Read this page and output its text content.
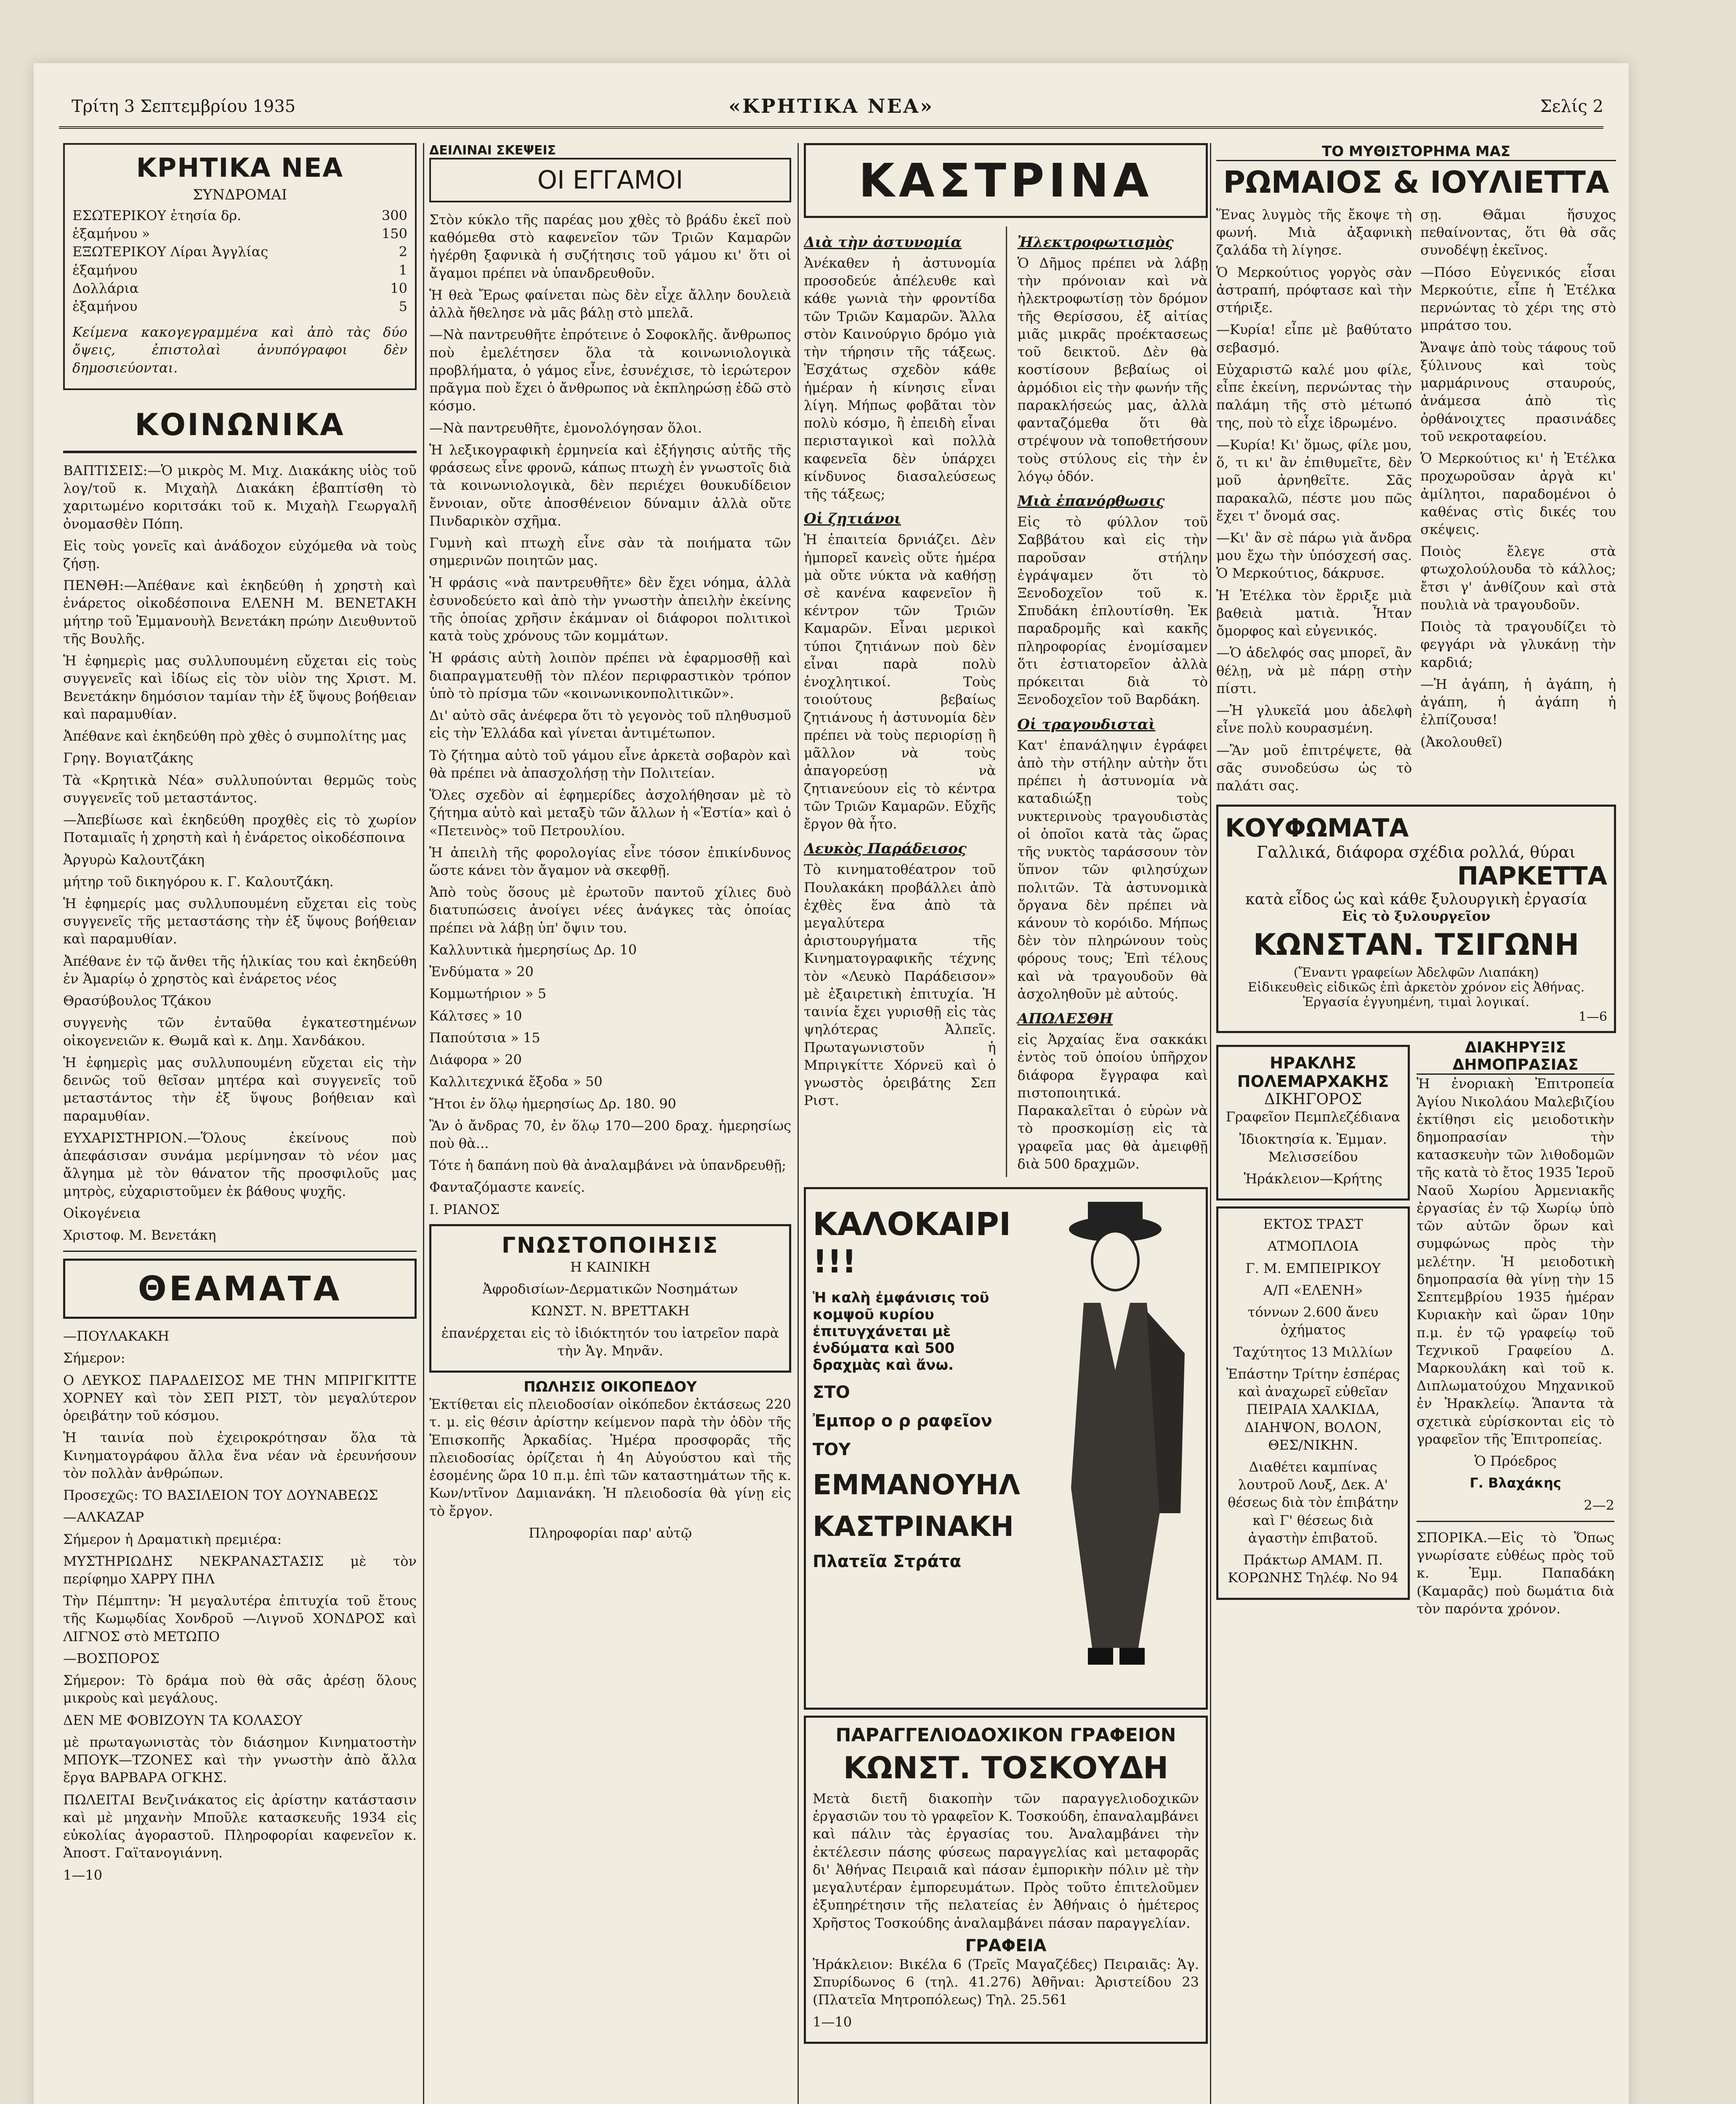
Τρίτη 3 Σεπτεμβρίου 1935	«ΚΡΗΤΙΚΑ ΝΕΑ»	Σελίς 2
ΚΡΗΤΙΚΑ ΝΕΑ
ΣΥΝΔΡΟΜΑΙ
ΕΣΩΤΕΡΙΚΟΥ ἐτησία δρ.	300
ἑξαμήνου »	150
ΕΞΩΤΕΡΙΚΟΥ Λίραι Ἀγγλίας	2
ἑξαμήνου	1
Δολλάρια	10
ἑξαμήνου	5

Κείμενα κακογεγραμμένα καὶ ἀπὸ τὰς δύο ὄψεις, ἐπιστολαὶ ἀνυπόγραφοι δὲν δημοσιεύονται.

ΚΟΙΝΩΝΙΚΑ

ΒΑΠΤΙΣΕΙΣ:—Ὁ μικρὸς Μ. Μιχ. Διακάκης υἱὸς τοῦ λογ/τοῦ κ. Μιχαὴλ Διακάκη ἐβαπτίσθη τὸ χαριτωμένο κοριτσάκι τοῦ κ. Μιχαὴλ Γεωργαλῆ ὀνομασθὲν Πόπη.

Εἰς τοὺς γονεῖς καὶ ἀνάδοχον εὐχόμεθα νὰ τοὺς ζήσῃ.

ΠΕΝΘΗ:—Ἀπέθανε καὶ ἐκηδεύθη ἡ χρηστὴ καὶ ἐνάρετος οἰκοδέσποινα ΕΛΕΝΗ Μ. ΒΕΝΕΤΑΚΗ μήτηρ τοῦ Ἐμμανουὴλ Βενετάκη πρώην Διευθυντοῦ τῆς Βουλῆς.

Ἡ ἐφημερὶς μας συλλυπουμένη εὔχεται εἰς τοὺς συγγενεῖς καὶ ἰδίως εἰς τὸν υἱὸν της Χριστ. Μ. Βενετάκην δημόσιον ταμίαν τὴν ἐξ ὕψους βοήθειαν καὶ παραμυθίαν.

Ἀπέθανε καὶ ἐκηδεύθη πρὸ χθὲς ὁ συμπολίτης μας

Γρηγ. Βογιατζάκης

Τὰ «Κρητικὰ Νέα» συλλυπούνται θερμῶς τοὺς συγγενεῖς τοῦ μεταστάντος.

—Ἀπεβίωσε καὶ ἐκηδεύθη προχθὲς εἰς τὸ χωρίον Ποταμιαῖς ἡ χρηστὴ καὶ ἡ ἐνάρετος οἰκοδέσποινα

Ἀργυρὼ Καλουτζάκη

μήτηρ τοῦ δικηγόρου κ. Γ. Καλουτζάκη.

Ἡ ἐφημερίς μας συλλυπουμένη εὔχεται εἰς τοὺς συγγενεῖς τῆς μεταστάσης τὴν ἐξ ὕψους βοήθειαν καὶ παραμυθίαν.

Ἀπέθανε ἐν τῷ ἄνθει τῆς ἡλικίας του καὶ ἐκηδεύθη ἐν Ἀμαρίῳ ὁ χρηστὸς καὶ ἐνάρετος νέος

Θρασύβουλος Τζάκου

συγγενὴς τῶν ἐνταῦθα ἐγκατεστημένων οἰκογενειῶν κ. Θωμᾶ καὶ κ. Δημ. Χανδάκου.

Ἡ ἐφημερὶς μας συλλυπουμένη εὔχεται εἰς τὴν δεινῶς τοῦ θεῖσαν μητέρα καὶ συγγενεῖς τοῦ μεταστάντος τὴν ἐξ ὕψους βοήθειαν καὶ παραμυθίαν.

ΕΥΧΑΡΙΣΤΗΡΙΟΝ.—Ὅλους ἐκείνους ποὺ ἀπεφάσισαν συνάμα μερίμνησαν τὸ νέον μας ἄλγημα μὲ τὸν θάνατον τῆς προσφιλοῦς μας μητρὸς, εὐχαριστοῦμεν ἐκ βάθους ψυχῆς.

Οἰκογένεια

Χριστοφ. Μ. Βενετάκη

ΘΕΑΜΑΤΑ

—ΠΟΥΛΑΚΑΚΗ

Σήμερον:

Ο ΛΕΥΚΟΣ ΠΑΡΑΔΕΙΣΟΣ ΜΕ ΤΗΝ ΜΠΡΙΓΚΙΤΤΕ ΧΟΡΝΕΥ καὶ τὸν ΣΕΠ ΡΙΣΤ, τὸν μεγαλύτερον ὀρειβάτην τοῦ κόσμου.

Ἡ ταινία ποὺ ἐχειροκρότησαν ὅλα τὰ Κινηματογράφου ἄλλα ἕνα νέαν νὰ ἐρευνήσουν τὸν πολλὰν ἀνθρώπων.

Προσεχῶς: ΤΟ ΒΑΣΙΛΕΙΟΝ ΤΟΥ ΔΟΥΝΑΒΕΩΣ

—ΑΛΚΑΖΑΡ

Σήμερον ἡ Δραματικὴ πρεμιέρα:

ΜΥΣΤΗΡΙΩΔΗΣ ΝΕΚΡΑΝΑΣΤΑΣΙΣ μὲ τὸν περίφημο ΧΑΡΡΥ ΠΗΛ

Τὴν Πέμπτην: Ἡ μεγαλυτέρα ἐπιτυχία τοῦ ἔτους τῆς Κωμῳδίας Χονδροῦ —Λιγνοῦ ΧΟΝΔΡΟΣ καὶ ΛΙΓΝΟΣ στὸ ΜΕΤΩΠΟ

—ΒΟΣΠΟΡΟΣ

Σήμερον: Τὸ δράμα ποὺ θὰ σᾶς ἀρέσῃ ὅλους μικροὺς καὶ μεγάλους.

ΔΕΝ ΜΕ ΦΟΒΙΖΟΥΝ ΤΑ ΚΟΛΑΣΟΥ

μὲ πρωταγωνιστὰς τὸν διάσημον Κινηματοστὴν ΜΠΟΥΚ—ΤΖΟΝΕΣ καὶ τὴν γνωστὴν ἀπὸ ἄλλα ἔργα ΒΑΡΒΑΡΑ ΟΓΚΗΣ.

ΠΩΛΕΙΤΑΙ Βενζινάκατος εἰς ἀρίστην κατάστασιν καὶ μὲ μηχανὴν Μποῦλε κατασκευῆς 1934 εἰς εὐκολίας ἀγοραστοῦ. Πληροφορίαι καφενεῖον κ. Ἀποστ. Γαϊτανογιάννη.

1—10

ΔΕΙΛΙΝΑΙ ΣΚΕΨΕΙΣ
ΟΙ ΕΓΓΑΜΟΙ

Στὸν κύκλο τῆς παρέας μου χθὲς τὸ βράδυ ἐκεῖ ποὺ καθόμεθα στὸ καφενεῖον τῶν Τριῶν Καμαρῶν ἠγέρθη ξαφνικὰ ἡ συζήτησις τοῦ γάμου κι' ὅτι οἱ ἄγαμοι πρέπει νὰ ὑπανδρευθοῦν.

Ἡ θεὰ Ἔρως φαίνεται πὼς δὲν εἶχε ἄλλην δουλειὰ ἀλλὰ ἤθελησε νὰ μᾶς βάλῃ στὸ μπελᾶ.

—Νὰ παντρευθῆτε ἐπρότεινε ὁ Σοφοκλῆς. ἄνθρωπος ποὺ ἐμελέτησεν ὅλα τὰ κοινωνιολογικὰ προβλήματα, ὁ γάμος εἶνε, ἐσυνέχισε, τὸ ἱερώτερον πρᾶγμα ποὺ ἔχει ὁ ἄνθρωπος νὰ ἐκπληρώσῃ ἐδῶ στὸ κόσμο.

—Νὰ παντρευθῆτε, ἐμονολόγησαν ὅλοι.

Ἡ λεξικογραφικὴ ἑρμηνεία καὶ ἐξήγησις αὐτῆς τῆς φράσεως εἶνε φρονῶ, κάπως πτωχὴ ἐν γνωστοῖς διὰ τὰ κοινωνιολογικὰ, δὲν περιέχει θουκυδίδειον ἔννοιαν, οὔτε ἀποσθένειον δύναμιν ἀλλὰ οὔτε Πινδαρικὸν σχῆμα.

Γυμνὴ καὶ πτωχὴ εἶνε σὰν τὰ ποιήματα τῶν σημερινῶν ποιητῶν μας.

Ἡ φράσις «νὰ παντρευθῆτε» δὲν ἔχει νόημα, ἀλλὰ ἐσυνοδεύετο καὶ ἀπὸ τὴν γνωστὴν ἀπειλὴν ἐκείνης τῆς ὁποίας χρῆσιν ἐκάμναν οἱ διάφοροι πολιτικοὶ κατὰ τοὺς χρόνους τῶν κομμάτων.

Ἡ φράσις αὐτὴ λοιπὸν πρέπει νὰ ἐφαρμοσθῇ καὶ διαπραγματευθῇ τὸν πλέον περιφραστικὸν τρόπον ὑπὸ τὸ πρίσμα τῶν «κοινωνικονπολιτικῶν».

Δι' αὐτὸ σᾶς ἀνέφερα ὅτι τὸ γεγονὸς τοῦ πληθυσμοῦ εἰς τὴν Ἑλλάδα καὶ γίνεται ἀντιμέτωπον.

Τὸ ζήτημα αὐτὸ τοῦ γάμου εἶνε ἀρκετὰ σοβαρὸν καὶ θὰ πρέπει νὰ ἀπασχολήσῃ τὴν Πολιτείαν.

Ὅλες σχεδὸν αἱ ἐφημερίδες ἀσχολήθησαν μὲ τὸ ζήτημα αὐτὸ καὶ μεταξὺ τῶν ἄλλων ἡ «Ἑστία» καὶ ὁ «Πετεινὸς» τοῦ Πετρουλίου.

Ἡ ἀπειλὴ τῆς φορολογίας εἶνε τόσον ἐπικίνδυνος ὥστε κάνει τὸν ἄγαμον νὰ σκεφθῇ.

Ἀπὸ τοὺς ὅσους μὲ ἐρωτοῦν παντοῦ χίλιες δυὸ διατυπώσεις ἀνοίγει νέες ἀνάγκες τὰς ὁποίας πρέπει νὰ λάβῃ ὑπ' ὄψιν του.

Καλλυντικὰ ἡμερησίως Δρ. 10

Ἐνδύματα » 20

Κομμωτήριον » 5

Κάλτσες » 10

Παπούτσια » 15

Διάφορα » 20

Καλλιτεχνικά ἔξοδα » 50

Ἤτοι ἐν ὅλῳ ἡμερησίως Δρ. 180. 90

Ἂν ὁ ἄνδρας 70, ἐν ὅλῳ 170—200 δραχ. ἡμερησίως ποὺ θὰ...

Τότε ἡ δαπάνη ποὺ θὰ ἀναλαμβάνει νὰ ὑπανδρευθῇ;

Φανταζόμαστε κανείς.

Ι. ΡΙΑΝΟΣ

ΓΝΩΣΤΟΠΟΙΗΣΙΣ

Η ΚΑΙΝΙΚΗ

Ἀφροδισίων-Δερματικῶν Νοσημάτων

ΚΩΝΣΤ. Ν. ΒΡΕΤΤΑΚΗ

ἐπανέρχεται εἰς τὸ ἰδιόκτητόν του ἰατρεῖον παρὰ τὴν Ἁγ. Μηνᾶν.

ΠΩΛΗΣΙΣ ΟΙΚΟΠΕΔΟΥ

Ἐκτίθεται εἰς πλειοδοσίαν οἰκόπεδον ἐκτάσεως 220 τ. μ. εἰς θέσιν ἀρίστην κείμενον παρὰ τὴν ὁδὸν τῆς Ἐπισκοπῆς Ἀρκαδίας. Ἡμέρα προσφορᾶς τῆς πλειοδοσίας ὀρίζεται ἡ 4η Αὐγούστου καὶ τῆς ἐσομένης ὥρα 10 π.μ. ἐπὶ τῶν καταστημάτων τῆς κ. Κων/ντῖνον Δαμιανάκη. Ἡ πλειοδοσία θὰ γίνῃ εἰς τὸ ἔργον.

Πληροφορίαι παρ' αὐτῷ

ΚΑΣΤΡΙΝΑ
Διὰ τὴν ἀστυνομία

Ἀνέκαθεν ἡ ἀστυνομία προσοδεύε ἀπέλευθε καὶ κάθε γωνιὰ τὴν φροντίδα τῶν Τριῶν Καμαρῶν. Ἄλλα στὸν Καινούργιο δρόμο γιὰ τὴν τήρησιν τῆς τάξεως. Ἐσχάτως σχεδὸν κάθε ἡμέραν ἡ κίνησις εἶναι λίγη. Μήπως φοβᾶται τὸν πολὺ κόσμο, ἢ ἐπειδὴ εἶναι περισταγικοὶ καὶ πολλὰ καφενεῖα δὲν ὑπάρχει κίνδυνος διασαλεύσεως τῆς τάξεως;

Οἱ ζητιάνοι

Ἡ ἐπαιτεία δρνιάζει. Δὲν ἡμπορεῖ κανεὶς οὔτε ἡμέρα μὰ οὔτε νύκτα νὰ καθήσῃ σὲ κανένα καφενεῖον ἢ κέντρον τῶν Τριῶν Καμαρῶν. Εἶναι μερικοὶ τύποι ζητιάνων ποὺ δὲν εἶναι παρὰ πολὺ ἐνοχλητικοί. Τοὺς τοιούτους βεβαίως ζητιάνους ἡ ἀστυνομία δὲν πρέπει νὰ τοὺς περιορίσῃ ἢ μᾶλλον νὰ τοὺς ἀπαγορεύσῃ νὰ ζητιανεύουν εἰς τὸ κέντρα τῶν Τριῶν Καμαρῶν. Εὔχῆς ἔργον θὰ ἦτο.

Λευκὸς Παράδεισος

Τὸ κινηματοθέατρον τοῦ Πουλακάκη προβάλλει ἀπὸ ἐχθὲς ἕνα ἀπὸ τὰ μεγαλύτερα ἀριστουργήματα τῆς Κινηματογραφικῆς τέχνης τὸν «Λευκὸ Παράδεισον» μὲ ἐξαιρετικὴ ἐπιτυχία. Ἡ ταινία ἔχει γυρισθῇ εἰς τὰς ψηλότερας Ἀλπεῖς. Πρωταγωνιστοῦν ἡ Μπριγκίττε Χόρνεϋ καὶ ὁ γνωστὸς ὀρειβάτης Σεπ Ριστ.

Ἠλεκτροφωτισμὸς

Ὁ Δῆμος πρέπει νὰ λάβῃ τὴν πρόνοιαν καὶ νὰ ἠλεκτροφωτίσῃ τὸν δρόμον τῆς Θερίσσου, ἐξ αἰτίας μιᾶς μικρᾶς προέκτασεως τοῦ δεικτοῦ. Δὲν θὰ κοστίσουν βεβαίως οἱ ἀρμόδιοι εἰς τὴν φωνήν τῆς παρακλήσεώς μας, ἀλλὰ φανταζόμεθα ὅτι θὰ στρέψουν νὰ τοποθετήσουν τοὺς στύλους εἰς τὴν ἐν λόγῳ ὁδόν.

Μιὰ ἐπανόρθωσις

Εἰς τὸ φύλλον τοῦ Σαββάτου καὶ εἰς τὴν παροῦσαν στήλην ἐγράψαμεν ὅτι τὸ Ξενοδοχεῖον τοῦ κ. Σπυδάκη ἐπλουτίσθη. Ἐκ παραδρομῆς καὶ κακῆς πληροφορίας ἐνομίσαμεν ὅτι ἐστιατορεῖον ἀλλὰ πρόκειται διὰ τὸ Ξενοδοχεῖον τοῦ Βαρδάκη.

Οἱ τραγουδισταὶ

Κατ' ἐπανάληψιν ἐγράφει ἀπὸ τὴν στήλην αὐτὴν ὅτι πρέπει ἡ ἀστυνομία νὰ καταδιώξῃ τοὺς νυκτερινοὺς τραγουδιστὰς οἱ ὁποῖοι κατὰ τὰς ὥρας τῆς νυκτὸς ταράσσουν τὸν ὕπνον τῶν φιλησύχων πολιτῶν. Τὰ ἀστυνομικὰ ὄργανα δὲν πρέπει νὰ κάνουν τὸ κορόιδο. Μήπως δὲν τὸν πληρώνουν τοὺς φόρους τους; Ἐπὶ τέλους καὶ νὰ τραγουδοῦν θὰ ἀσχοληθοῦν μὲ αὐτούς.

ΑΠΩΛΕΣΘΗ

εἰς Ἀρχαίας ἕνα σακκάκι ἐντὸς τοῦ ὁποίου ὑπῆρχον διάφορα ἔγγραφα καὶ πιστοποιητικά. Παρακαλεῖται ὁ εὑρὼν νὰ τὸ προσκομίσῃ εἰς τὰ γραφεῖα μας θὰ ἀμειφθῇ διὰ 500 δραχμῶν.

ΚΑΛΟΚΑΙΡΙ !!!
Ἡ καλὴ ἐμφάνισις τοῦ κομψοῦ κυρίου ἐπιτυγχάνεται μὲ ἐνδύματα καὶ 500 δραχμὰς καὶ ἄνω.
ΣΤΟ
Ἐμπορ ο ρ ραφεῖον
ΤΟΥ
ΕΜΜΑΝΟΥΗΛ
ΚΑΣΤΡΙΝΑΚΗ
Πλατεῖα Στράτα
ΠΑΡΑΓΓΕΛΙΟΔΟΧΙΚΟΝ ΓΡΑΦΕΙΟΝ
ΚΩΝΣΤ. ΤΟΣΚΟΥΔΗ

Μετὰ διετῆ διακοπὴν τῶν παραγγελιοδοχικῶν ἐργασιῶν του τὸ γραφεῖον Κ. Τοσκούδη, ἐπαναλαμβάνει καὶ πάλιν τὰς ἐργασίας του. Ἀναλαμβάνει τὴν ἐκτέλεσιν πάσης φύσεως παραγγελίας καὶ μεταφορᾶς δι' Ἀθήνας Πειραιᾶ καὶ πάσαν ἐμπορικὴν πόλιν μὲ τὴν μεγαλυτέραν ἐμπορευμάτων. Πρὸς τοῦτο ἐπιτελοῦμεν ἐξυπηρέτησιν τῆς πελατείας ἐν Ἀθήναις ὁ ἡμέτερος Χρῆστος Τοσκούδης ἀναλαμβάνει πάσαν παραγγελίαν.

ΓΡΑΦΕΙΑ

Ἡράκλειον: Βικέλα 6 (Τρεῖς Μαγαζέδες) Πειραιᾶς: Ἁγ. Σπυρίδωνος 6 (τηλ. 41.276) Ἀθῆναι: Ἀριστείδου 23 (Πλατεῖα Μητροπόλεως) Τηλ. 25.561

1—10

ΤΟ ΜΥΘΙΣΤΟΡΗΜΑ ΜΑΣ
ΡΩΜΑΙΟΣ & ΙΟΥΛΙΕΤΤΑ

Ἕνας λυγμὸς τῆς ἔκοψε τὴ φωνή. Μιὰ ἀξαφνικὴ ζαλάδα τὴ λίγησε.

Ὁ Μερκούτιος γοργὸς σὰν ἀστραπή, πρόφτασε καὶ τὴν στήριξε.

—Κυρία! εἶπε μὲ βαθύτατο σεβασμό.

Εὐχαριστῶ καλέ μου φίλε, εἶπε ἐκείνη, περνώντας τὴν παλάμη τῆς στὸ μέτωπό της, ποὺ τὸ εἶχε ἱδρωμένο.

—Κυρία! Κι' ὅμως, φίλε μου, ὅ, τι κι' ἂν ἐπιθυμεῖτε, δὲν μοῦ ἀρνηθεῖτε. Σᾶς παρακαλῶ, πέστε μου πῶς ἔχει τ' ὄνομά σας.

—Κι' ἂν σὲ πάρω γιὰ ἄνδρα μου ἔχω τὴν ὑπόσχεσή σας. Ὁ Μερκούτιος, δάκρυσε.

Ἡ Ἐτέλκα τὸν ἔρριξε μιὰ βαθειὰ ματιὰ. Ἦταν ὄμορφος καὶ εὐγενικός.

—Ὁ ἀδελφός σας μπορεῖ, ἂν θέλῃ, νὰ μὲ πάρῃ στὴν πίστι.

—Ἡ γλυκεῖά μου ἀδελφὴ εἶνε πολὺ κουρασμένη.

—Ἂν μοῦ ἐπιτρέψετε, θὰ σᾶς συνοδεύσω ὡς τὸ παλάτι σας.

σῃ. Θᾶμαι ἥσυχος πεθαίνοντας, ὅτι θὰ σᾶς συνοδέψῃ ἐκεῖνος.

—Πόσο Εὐγενικός εἶσαι Μερκούτιε, εἶπε ἡ Ἐτέλκα περνώντας τὸ χέρι της στὸ μπράτσο του.

Ἄναψε ἀπὸ τοὺς τάφους τοῦ ξύλινους καὶ τοὺς μαρμάρινους σταυρούς, ἀνάμεσα ἀπὸ τὶς ὀρθάνοιχτες πρασινάδες τοῦ νεκροταφείου.

Ὁ Μερκούτιος κι' ἡ Ἐτέλκα προχωροῦσαν ἀργὰ κι' ἀμίλητοι, παραδομένοι ὁ καθένας στὶς δικές του σκέψεις.

Ποιὸς ἔλεγε στὰ φτωχολούλουδα τὸ κάλλος; ἔτσι γ' ἀνθίζουν καὶ στὰ πουλιὰ νὰ τραγουδοῦν.

Ποιὸς τὰ τραγουδίζει τὸ φεγγάρι νὰ γλυκάνῃ τὴν καρδιά;

—Ἡ ἀγάπη, ἡ ἀγάπη, ἡ ἀγάπη, ἡ ἀγάπη ἡ ἐλπίζουσα!

(Ἀκολουθεῖ)

ΚΟΥΦΩΜΑΤΑ
Γαλλικά, διάφορα σχέδια ρολλά, θύραι
ΠΑΡΚΕΤΤΑ
κατὰ εἶδος ὡς καὶ κάθε ξυλουργικὴ ἐργασία
Εἰς τὸ ξυλουργεῖον
ΚΩΝΣΤΑΝ. ΤΣΙΓΩΝΗ
(Ἔναντι γραφείων Ἀδελφῶν Λιαπάκη)
Εἰδικευθεὶς εἰδικῶς ἐπὶ ἀρκετὸν χρόνον εἰς Ἀθήνας. Ἐργασία ἐγγυημένη, τιμαὶ λογικαί.
1—6
ΗΡΑΚΛΗΣ ΠΟΛΕΜΑΡΧΑΚΗΣ
ΔΙΚΗΓΟΡΟΣ

Γραφεῖον Πεμπλεζέδιανα

Ἰδιοκτησία κ. Ἐμμαν. Μελισσείδου

Ἡράκλειον—Κρήτης

ΕΚΤΟΣ ΤΡΑΣΤ

ΑΤΜΟΠΛΟΙΑ

Γ. Μ. ΕΜΠΕΙΡΙΚΟΥ

Α/Π «ΕΛΕΝΗ»

τόννων 2.600 ἄνευ ὀχήματος

Ταχύτητος 13 Μιλλίων

Ἐπάστην Τρίτην ἑσπέρας καὶ ἀναχωρεῖ εὐθεῖαν ΠΕΙΡΑΙΑ ΧΑΛΚΙΔΑ, ΔΙΑΗΨΟΝ, ΒΟΛΟΝ, ΘΕΣ/ΝΙΚΗΝ.

Διαθέτει καμπίνας λουτροῦ Λουξ, Δεκ. Α' θέσεως διὰ τὸν ἐπιβάτην καὶ Γ' θέσεως διὰ ἀγαστὴν ἐπιβατοῦ.

Πράκτωρ ΑΜΑΜ. Π. ΚΟΡΩΝΗΣ Τηλέφ. Νο 94

ΔΙΑΚΗΡΥΞΙΣ ΔΗΜΟΠΡΑΣΙΑΣ

Ἡ ἐνοριακὴ Ἐπιτροπεία Ἁγίου Νικολάου Μαλεβιζίου ἐκτίθησι εἰς μειοδοτικὴν δημοπρασίαν τὴν κατασκευὴν τῶν λιθοδομῶν τῆς κατὰ τὸ ἔτος 1935 Ἱεροῦ Ναοῦ Χωρίου Ἀρμενιακῆς ἐργασίας ἐν τῷ Χωρίῳ ὑπὸ τῶν αὐτῶν ὅρων καὶ συμφώνως πρὸς τὴν μελέτην. Ἡ μειοδοτικὴ δημοπρασία θὰ γίνῃ τὴν 15 Σεπτεμβρίου 1935 ἡμέραν Κυριακὴν καὶ ὥραν 10ην π.μ. ἐν τῷ γραφείῳ τοῦ Τεχνικοῦ Γραφείου Δ. Μαρκουλάκη καὶ τοῦ κ. Διπλωματούχου Μηχανικοῦ ἐν Ἡρακλείῳ. Ἅπαντα τὰ σχετικὰ εὑρίσκονται εἰς τὸ γραφεῖον τῆς Ἐπιτροπείας.

Ὁ Πρόεδρος

Γ. Βλαχάκης

2—2

ΣΠΟΡΙΚΑ.—Εἰς τὸ Ὅπως γνωρίσατε εὐθέως πρὸς τοῦ κ. Ἐμμ. Παπαδάκη (Καμαρᾶς) ποὺ δωμάτια διὰ τὸν παρόντα χρόνον.
